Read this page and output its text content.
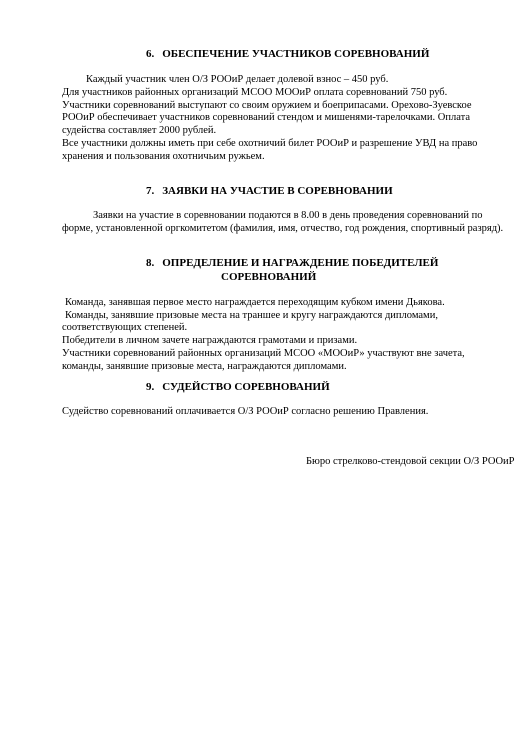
6. ОБЕСПЕЧЕНИЕ УЧАСТНИКОВ СОРЕВНОВАНИЙ
Каждый участник член О/З РООиР делает долевой взнос – 450 руб.
Для участников районных организаций МСОО МООиР оплата соревнований 750 руб.
Участники соревнований выступают со своим оружием и боеприпасами. Орехово-Зуевское
РООиР обеспечивает участников соревнований стендом и мишенями-тарелочками. Оплата
судейства составляет 2000 рублей.
Все участники должны иметь при себе охотничий билет РООиР и разрешение УВД на право
хранения и пользования охотничьим ружьем.
7. ЗАЯВКИ НА УЧАСТИЕ В СОРЕВНОВАНИИ
Заявки на участие в соревновании подаются в 8.00 в день проведения соревнований по
форме, установленной оргкомитетом (фамилия, имя, отчество, год рождения, спортивный разряд).
8. ОПРЕДЕЛЕНИЕ И НАГРАЖДЕНИЕ ПОБЕДИТЕЛЕЙ
СОРЕВНОВАНИЙ
Команда, занявшая первое место награждается переходящим кубком имени Дьякова.
Команды, занявшие призовые места на траншее и кругу награждаются дипломами,
соответствующих степеней.
Победители в личном зачете награждаются грамотами и призами.
Участники соревнований районных организаций МСОО «МООиР» участвуют вне зачета,
команды, занявшие призовые места, награждаются дипломами.
9. СУДЕЙСТВО СОРЕВНОВАНИЙ
Судейство соревнований оплачивается О/З РООиР согласно решению Правления.
Бюро стрелково-стендовой секции О/З РООиР
